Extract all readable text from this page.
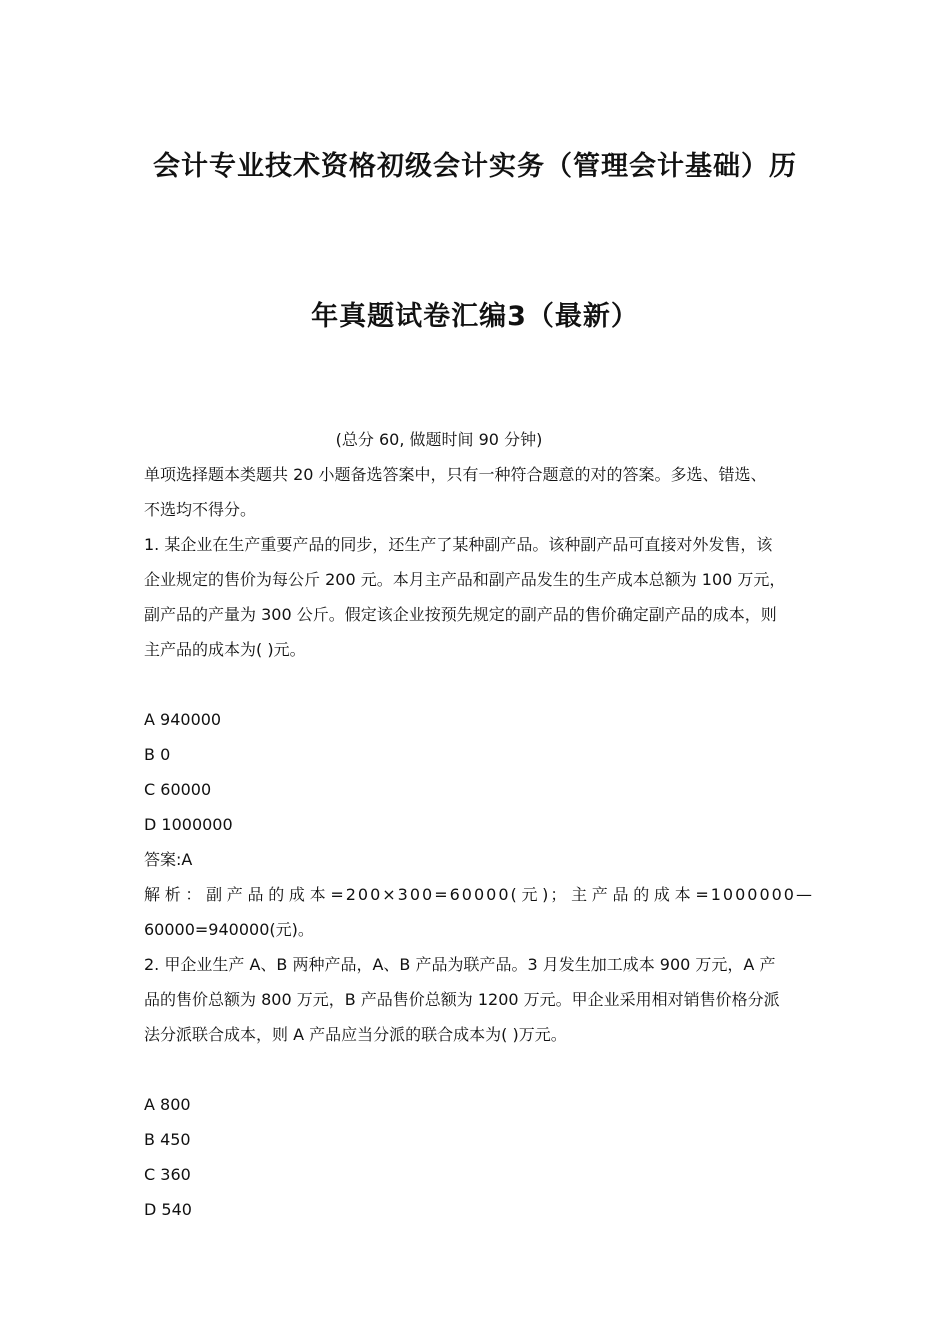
会计专业技术资格初级会计实务（管理会计基础）历
年真题试卷汇编3（最新）

(总分 60, 做题时间 90 分钟)

单项选择题本类题共 20 小题备选答案中，只有一种符合题意的对的答案。多选、错选、

不选均不得分。

1. 某企业在生产重要产品的同步，还生产了某种副产品。该种副产品可直接对外发售，该

企业规定的售价为每公斤 200 元。本月主产品和副产品发生的生产成本总额为 100 万元，

副产品的产量为 300 公斤。假定该企业按预先规定的副产品的售价确定副产品的成本，则

主产品的成本为( )元。

A 940000

B 0

C 60000

D 1000000

答案:A

解析：副产品的成本=200×300=60000(元)；主产品的成本=1000000—

60000=940000(元)。

2. 甲企业生产 A、B 两种产品，A、B 产品为联产品。3 月发生加工成本 900 万元，A 产

品的售价总额为 800 万元，B 产品售价总额为 1200 万元。甲企业采用相对销售价格分派

法分派联合成本，则 A 产品应当分派的联合成本为( )万元。

A 800

B 450

C 360

D 540
